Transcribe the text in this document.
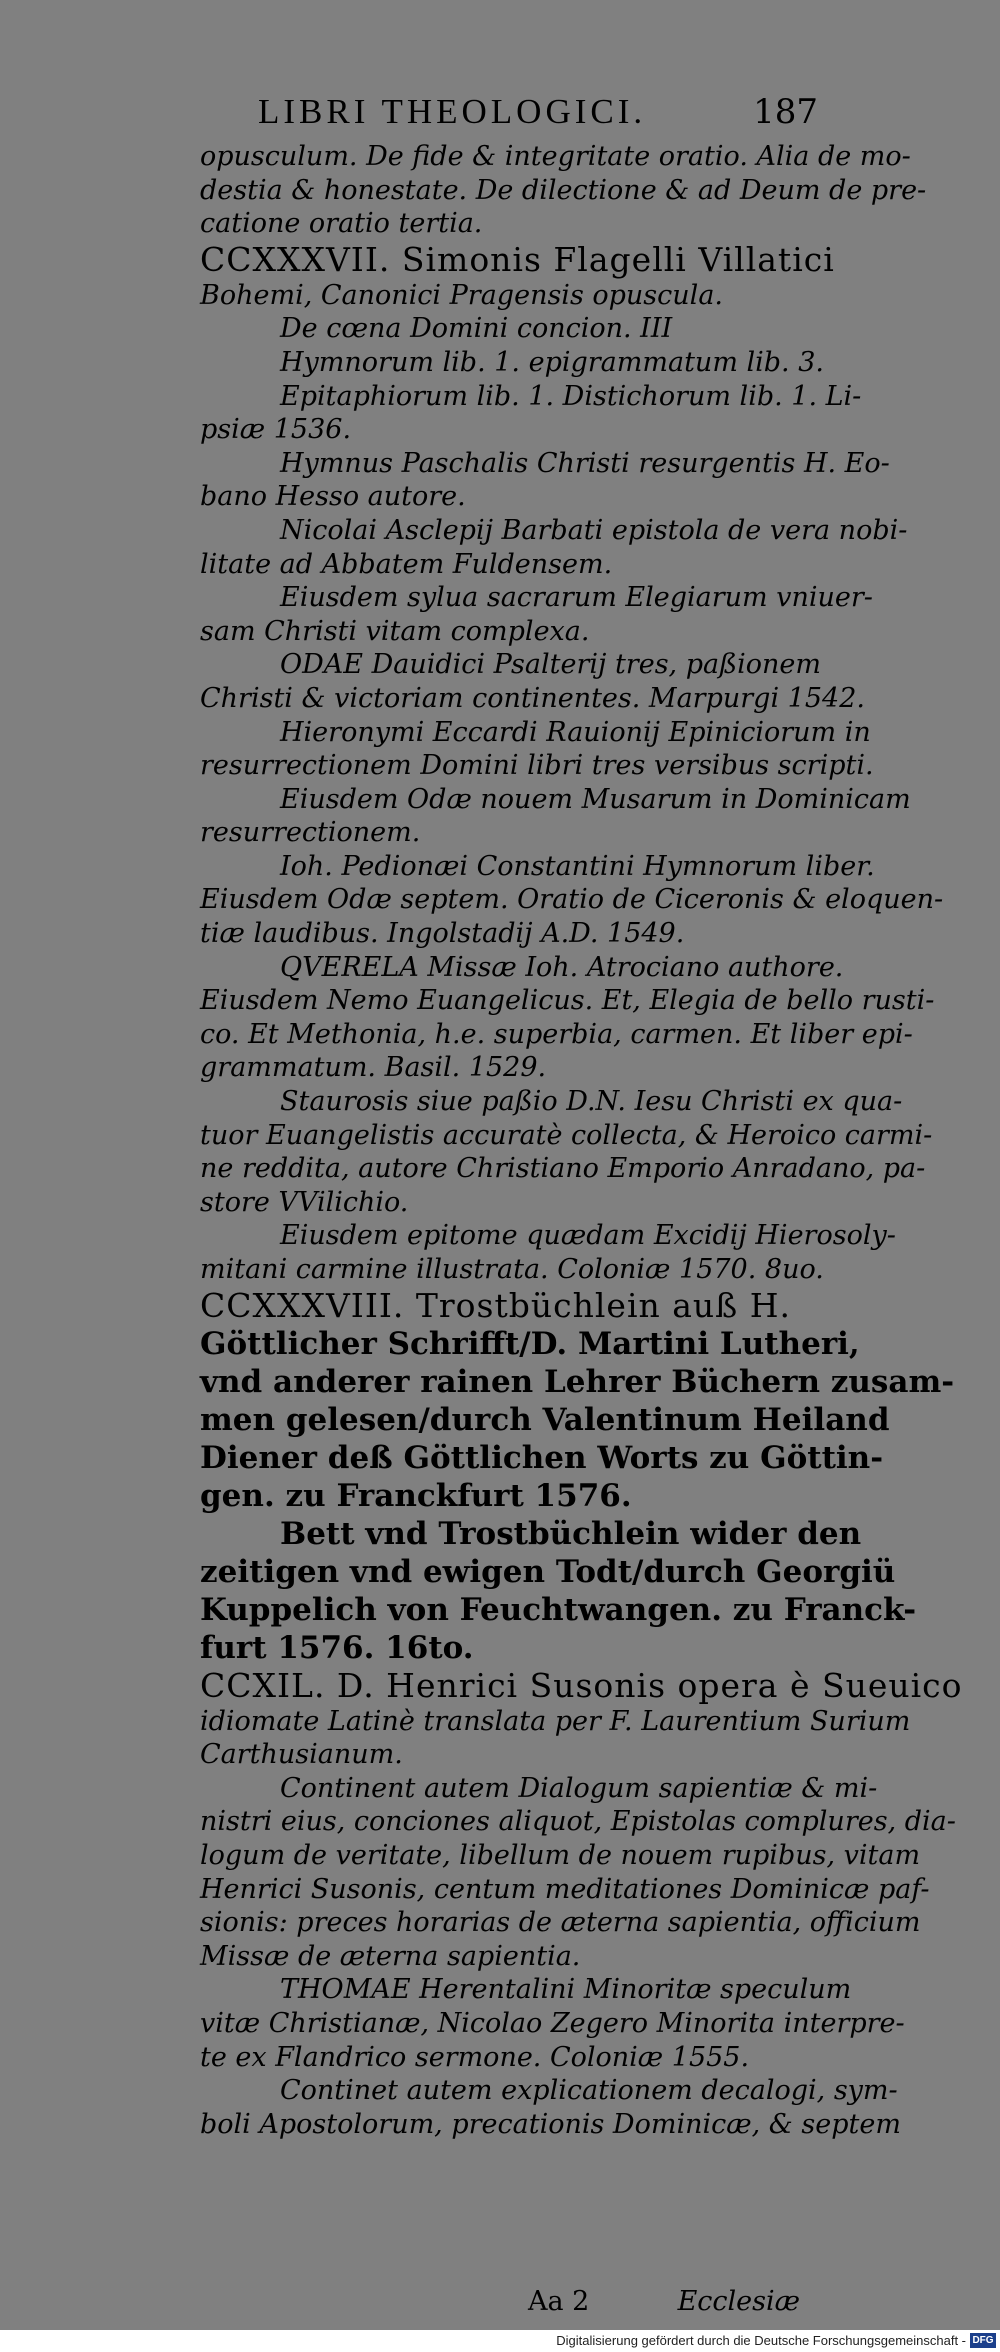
LIBRI THEOLOGICI.	187
opusculum. De fide & integritate oratio. Alia de mo-
destia & honestate. De dilectione & ad Deum de pre-
catione oratio tertia.
CCXXXVII. Simonis Flagelli Villatici
Bohemi, Canonici Pragensis opuscula.
De cœna Domini concion. III
Hymnorum lib. 1. epigrammatum lib. 3.
Epitaphiorum lib. 1. Distichorum lib. 1. Li-
psiæ 1536.
Hymnus Paschalis Christi resurgentis H. Eo-
bano Hesso autore.
Nicolai Asclepij Barbati epistola de vera nobi-
litate ad Abbatem Fuldensem.
Eiusdem sylua sacrarum Elegiarum vniuer-
sam Christi vitam complexa.
ODAE Dauidici Psalterij tres, paßionem
Christi & victoriam continentes. Marpurgi 1542.
Hieronymi Eccardi Rauionij Epiniciorum in
resurrectionem Domini libri tres versibus scripti.
Eiusdem Odæ nouem Musarum in Dominicam
resurrectionem.
Ioh. Pedionæi Constantini Hymnorum liber.
Eiusdem Odæ septem. Oratio de Ciceronis & eloquen-
tiæ laudibus. Ingolstadij A.D. 1549.
QVERELA Missæ Ioh. Atrociano authore.
Eiusdem Nemo Euangelicus. Et, Elegia de bello rusti-
co. Et Methonia, h.e. superbia, carmen. Et liber epi-
grammatum. Basil. 1529.
Staurosis siue paßio D.N. Iesu Christi ex qua-
tuor Euangelistis accuratè collecta, & Heroico carmi-
ne reddita, autore Christiano Emporio Anradano, pa-
store VVilichio.
Eiusdem epitome quædam Excidij Hierosoly-
mitani carmine illustrata. Coloniæ 1570. 8uo.
CCXXXVIII. Trostbüchlein auß H.
Göttlicher Schrifft/D. Martini Lutheri,
vnd anderer rainen Lehrer Büchern zusam-
men gelesen/durch Valentinum Heiland
Diener deß Göttlichen Worts zu Göttin-
gen. zu Franckfurt 1576.
Bett vnd Trostbüchlein wider den
zeitigen vnd ewigen Todt/durch Georgiü
Kuppelich von Feuchtwangen. zu Franck-
furt 1576. 16to.
CCXIL. D. Henrici Susonis opera è Sueuico
idiomate Latinè translata per F. Laurentium Surium
Carthusianum.
Continent autem Dialogum sapientiæ & mi-
nistri eius, conciones aliquot, Epistolas complures, dia-
logum de veritate, libellum de nouem rupibus, vitam
Henrici Susonis, centum meditationes Dominicæ paf-
sionis: preces horarias de æterna sapientia, officium
Missæ de æterna sapientia.
THOMAE Herentalini Minoritæ speculum
vitæ Christianæ, Nicolao Zegero Minorita interpre-
te ex Flandrico sermone. Coloniæ 1555.
Continet autem explicationem decalogi, sym-
boli Apostolorum, precationis Dominicæ, & septem
Aa 2	Ecclesiæ
Digitalisierung gefördert durch die Deutsche Forschungsgemeinschaft - DFG
